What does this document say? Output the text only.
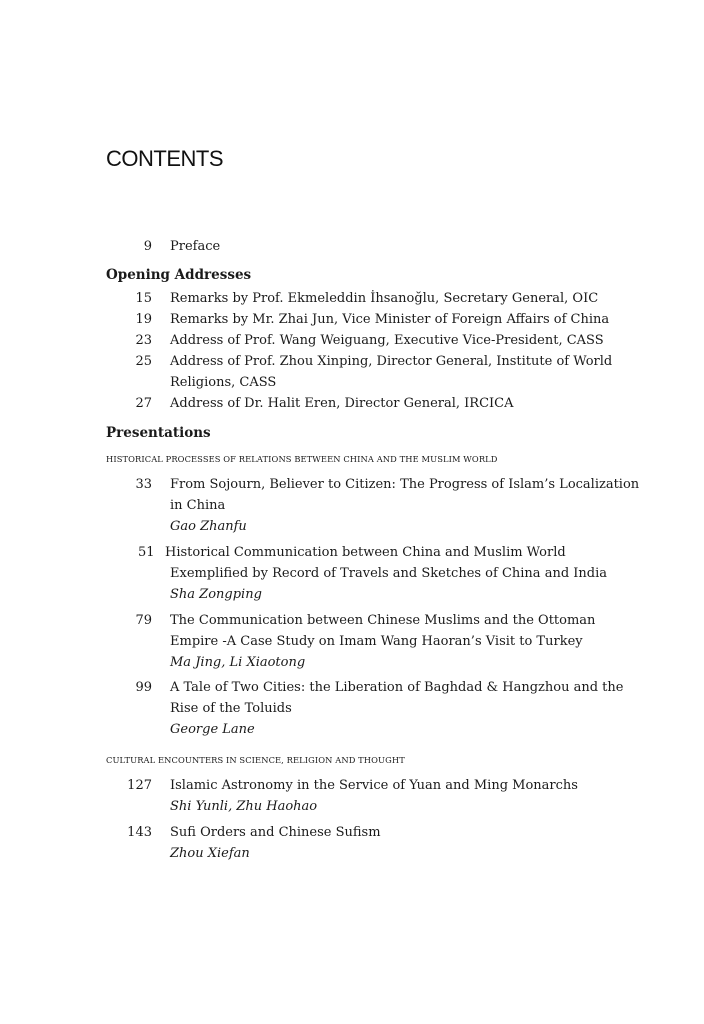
CONTENTS
9 Preface
Opening Addresses
15 Remarks by Prof. Ekmeleddin İhsanoğlu, Secretary General, OIC
19 Remarks by Mr. Zhai Jun, Vice Minister of Foreign Affairs of China
23 Address of Prof. Wang Weiguang, Executive Vice-President, CASS
25 Address of Prof. Zhou Xinping, Director General, Institute of World
Religions, CASS
27 Address of Dr. Halit Eren, Director General, IRCICA
Presentations
HISTORICAL PROCESSES OF RELATIONS BETWEEN CHINA AND THE MUSLIM WORLD
33 From Sojourn, Believer to Citizen: The Progress of Islam’s Localization
in China
Gao Zhanfu
51 Historical Communication between China and Muslim World
Exemplified by Record of Travels and Sketches of China and India
Sha Zongping
79 The Communication between Chinese Muslims and the Ottoman
Empire -A Case Study on Imam Wang Haoran’s Visit to Turkey
Ma Jing, Li Xiaotong
99 A Tale of Two Cities: the Liberation of Baghdad & Hangzhou and the
Rise of the Toluids
George Lane
CULTURAL ENCOUNTERS IN SCIENCE, RELIGION AND THOUGHT
127 Islamic Astronomy in the Service of Yuan and Ming Monarchs
Shi Yunli, Zhu Haohao
143 Sufi Orders and Chinese Sufism
Zhou Xiefan
